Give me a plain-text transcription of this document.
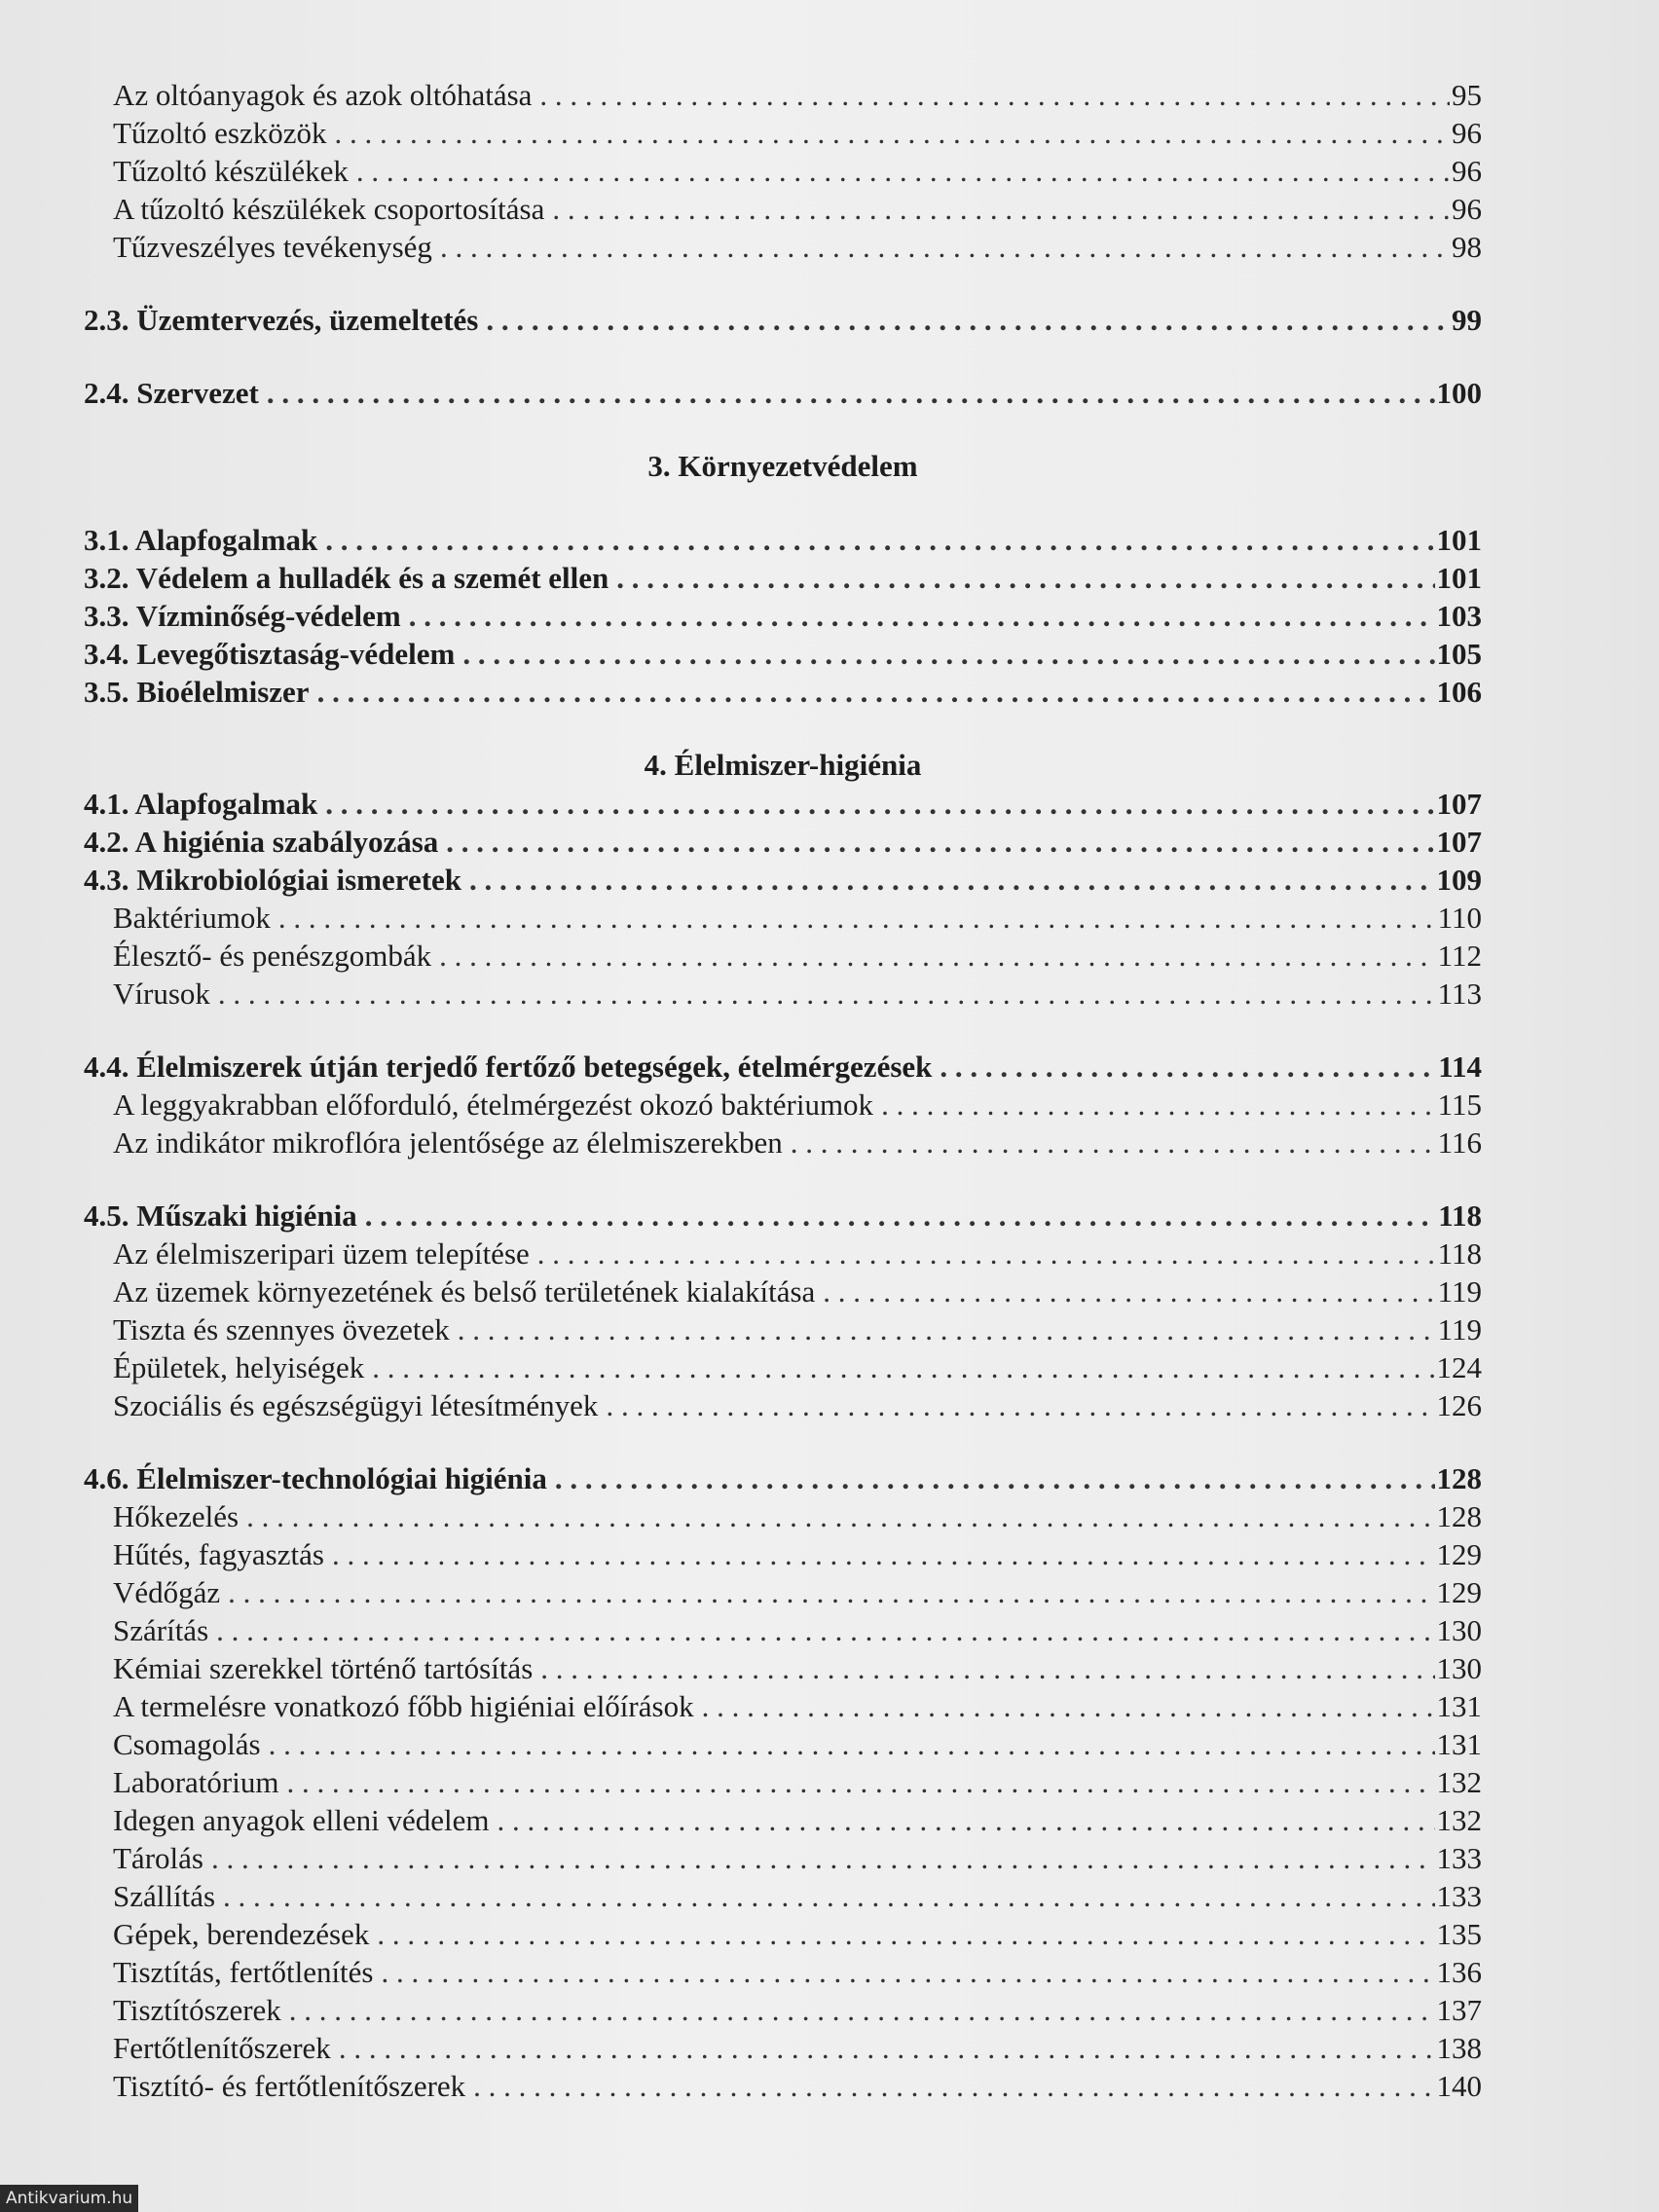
Az oltóanyagok és azok oltóhatása . . .	95
Tűzoltó eszközök . . .	96
Tűzoltó készülékek . . .	96
A tűzoltó készülékek csoportosítása . . .	96
Tűzveszélyes tevékenység . . .	98
2.3. Üzemtervezés, üzemeltetés . . .	99
2.4. Szervezet . . .	100
3. Környezetvédelem
3.1. Alapfogalmak . . .	101
3.2. Védelem a hulladék és a szemét ellen . . .	101
3.3. Vízminőség-védelem . . .	103
3.4. Levegőtisztaság-védelem . . .	105
3.5. Bioélelmiszer . . .	106
4. Élelmiszer-higiénia
4.1. Alapfogalmak . . .	107
4.2. A higiénia szabályozása . . .	107
4.3. Mikrobiológiai ismeretek . . .	109
Baktériumok . . .	110
Élesztő- és penészgombák . . .	112
Vírusok . . .	113
4.4. Élelmiszerek útján terjedő fertőző betegségek, ételmérgezések . . .	114
A leggyakrabban előforduló, ételmérgezést okozó baktériumok . . .	115
Az indikátor mikroflóra jelentősége az élelmiszerekben . . .	116
4.5. Műszaki higiénia . . .	118
Az élelmiszeripari üzem telepítése . . .	118
Az üzemek környezetének és belső területének kialakítása . . .	119
Tiszta és szennyes övezetek . . .	119
Épületek, helyiségek . . .	124
Szociális és egészségügyi létesítmények . . .	126
4.6. Élelmiszer-technológiai higiénia . . .	128
Hőkezelés . . .	128
Hűtés, fagyasztás . . .	129
Védőgáz . . .	129
Szárítás . . .	130
Kémiai szerekkel történő tartósítás . . .	130
A termelésre vonatkozó főbb higiéniai előírások . . .	131
Csomagolás . . .	131
Laboratórium . . .	132
Idegen anyagok elleni védelem . . .	132
Tárolás . . .	133
Szállítás . . .	133
Gépek, berendezések . . .	135
Tisztítás, fertőtlenítés . . .	136
Tisztítószerek . . .	137
Fertőtlenítőszerek . . .	138
Tisztító- és fertőtlenítőszerek . . .	140
Antikvarium.hu
